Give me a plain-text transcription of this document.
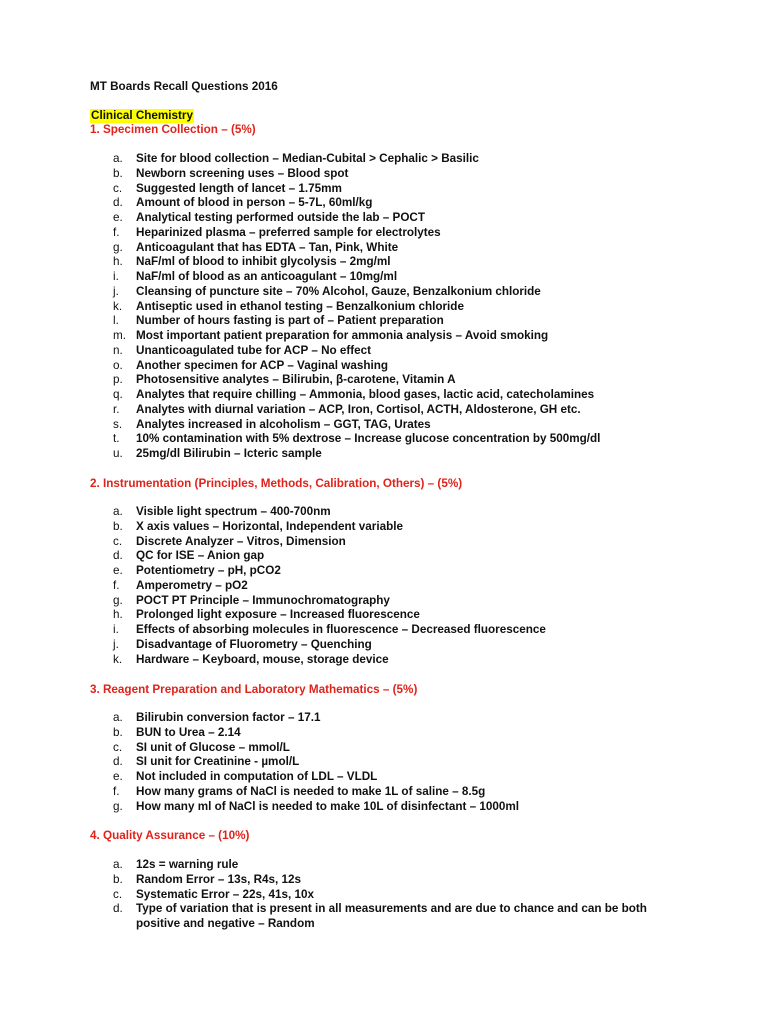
MT Boards Recall Questions 2016
Clinical Chemistry
1. Specimen Collection – (5%)
a. Site for blood collection – Median-Cubital > Cephalic > Basilic
b. Newborn screening uses – Blood spot
c. Suggested length of lancet – 1.75mm
d. Amount of blood in person – 5-7L, 60ml/kg
e. Analytical testing performed outside the lab – POCT
f. Heparinized plasma – preferred sample for electrolytes
g. Anticoagulant that has EDTA – Tan, Pink, White
h. NaF/ml of blood to inhibit glycolysis – 2mg/ml
i. NaF/ml of blood as an anticoagulant – 10mg/ml
j. Cleansing of puncture site – 70% Alcohol, Gauze, Benzalkonium chloride
k. Antiseptic used in ethanol testing – Benzalkonium chloride
l. Number of hours fasting is part of – Patient preparation
m. Most important patient preparation for ammonia analysis – Avoid smoking
n. Unanticoagulated tube for ACP – No effect
o. Another specimen for ACP – Vaginal washing
p. Photosensitive analytes – Bilirubin, β-carotene, Vitamin A
q. Analytes that require chilling – Ammonia, blood gases, lactic acid, catecholamines
r. Analytes with diurnal variation – ACP, Iron, Cortisol, ACTH, Aldosterone, GH etc.
s. Analytes increased in alcoholism – GGT, TAG, Urates
t. 10% contamination with 5% dextrose – Increase glucose concentration by 500mg/dl
u. 25mg/dl Bilirubin – Icteric sample
2. Instrumentation (Principles, Methods, Calibration, Others) – (5%)
a. Visible light spectrum – 400-700nm
b. X axis values – Horizontal, Independent variable
c. Discrete Analyzer – Vitros, Dimension
d. QC for ISE – Anion gap
e. Potentiometry – pH, pCO2
f. Amperometry – pO2
g. POCT PT Principle – Immunochromatography
h. Prolonged light exposure – Increased fluorescence
i. Effects of absorbing molecules in fluorescence – Decreased fluorescence
j. Disadvantage of Fluorometry – Quenching
k. Hardware – Keyboard, mouse, storage device
3. Reagent Preparation and Laboratory Mathematics – (5%)
a. Bilirubin conversion factor – 17.1
b. BUN to Urea – 2.14
c. SI unit of Glucose – mmol/L
d. SI unit for Creatinine - µmol/L
e. Not included in computation of LDL – VLDL
f. How many grams of NaCl is needed to make 1L of saline – 8.5g
g. How many ml of NaCl is needed to make 10L of disinfectant – 1000ml
4. Quality Assurance – (10%)
a. 12s = warning rule
b. Random Error – 13s, R4s, 12s
c. Systematic Error – 22s, 41s, 10x
d. Type of variation that is present in all measurements and are due to chance and can be both positive and negative – Random
